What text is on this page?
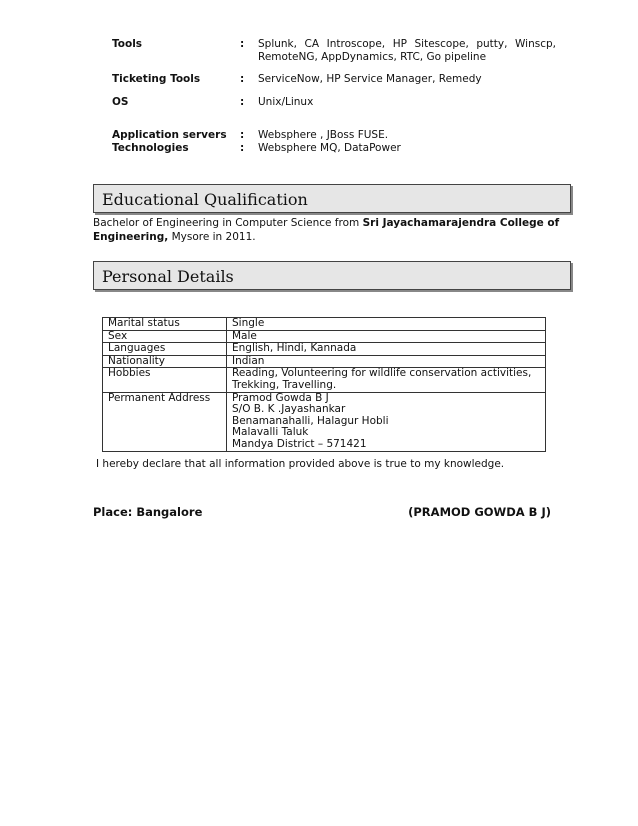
Tools	:	Splunk, CA Introscope, HP Sitescope, putty, Winscp, RemoteNG, AppDynamics, RTC, Go pipeline
Ticketing Tools	:	ServiceNow, HP Service Manager, Remedy
OS	:	Unix/Linux
Application servers	:	Websphere , JBoss FUSE.
Technologies	:	Websphere MQ, DataPower
Educational Qualification
Bachelor of Engineering in Computer Science from Sri Jayachamarajendra College of Engineering, Mysore in 2011.
Personal Details
Marital status	Single

Sex	Male

Languages	English, Hindi, Kannada

Nationality	Indian

Hobbies	Reading, Volunteering for wildlife conservation activities,
Trekking, Travelling.

Permanent Address	Pramod Gowda B J
S/O B. K .Jayashankar
Benamanahalli, Halagur Hobli
Malavalli Taluk
Mandya District – 571421
I hereby declare that all information provided above is true to my knowledge.
Place: Bangalore	(PRAMOD GOWDA B J)
